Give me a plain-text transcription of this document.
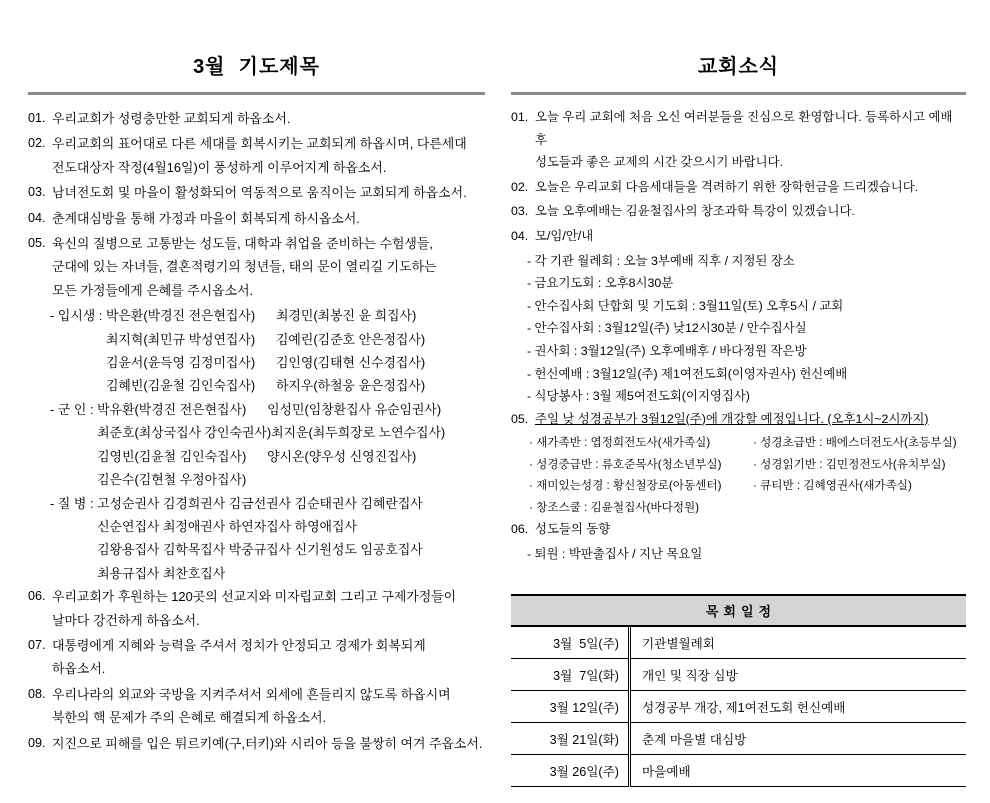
3월  기도제목
01. 우리교회가 성령충만한 교회되게 하옵소서.
02. 우리교회의 표어대로 다른 세대를 회복시키는 교회되게 하옵시며, 다른세대
전도대상자 작정(4월16일)이 풍성하게 이루어지게 하옵소서.
03. 남녀전도회 및 마을이 활성화되어 역동적으로 움직이는 교회되게 하옵소서.
04. 춘계대심방을 통해 가정과 마을이 회복되게 하시옵소서.
05. 육신의 질병으로 고통받는 성도들, 대학과 취업을 준비하는 수험생들,
군대에 있는 자녀들, 결혼적령기의 청년들, 태의 문이 열리길 기도하는
모든 가정들에게 은혜를 주시옵소서.
- 입시생 : 박은환(박경진 전은현집사)	최경민(최봉진 윤 희집사)
최지혁(최민규 박성연집사)	김예린(김준호 안은정집사)
김윤서(윤득영 김정미집사)	김인영(김태현 신수경집사)
김혜빈(김윤철 김인숙집사)	하지우(하철웅 윤은정집사)
- 군 인 : 박유환(박경진 전은현집사)	임성민(임창환집사 유순임권사)
최준호(최상국집사 강인숙권사) 최지운(최두희장로 노연수집사)
김영빈(김윤철 김인숙집사)	양시온(양우성 신영진집사)
김은수(김현철 우정아집사)
- 질 병 : 고성순권사 김경희권사 김금선권사 김순태권사 김혜란집사
신순연집사 최정애권사 하연자집사 하영애집사
김왕용집사 김학목집사 박중규집사 신기원성도 임공호집사
최용규집사 최찬호집사
06. 우리교회가 후원하는 120곳의 선교지와 미자립교회 그리고 구제가정들이
날마다 강건하게 하옵소서.
07. 대통령에게 지혜와 능력을 주셔서 정치가 안정되고 경제가 회복되게
하옵소서.
08. 우리나라의 외교와 국방을 지켜주셔서 외세에 흔들리지 않도록 하옵시며
북한의 핵 문제가 주의 은혜로 해결되게 하옵소서.
09. 지진으로 피해를 입은 튀르키예(구,터키)와 시리아 등을 불쌍히 여겨 주옵소서.
교회소식
01. 오늘 우리 교회에 처음 오신 여러분들을 진심으로 환영합니다. 등록하시고 예배 후
성도들과 좋은 교제의 시간 갖으시기 바랍니다.
02. 오늘은 우리교회 다음세대들을 격려하기 위한 장학헌금을 드리겠습니다.
03. 오늘 오후예배는 김윤철집사의 창조과학 특강이 있겠습니다.
04. 모/임/안/내
- 각 기관 월례회 : 오늘 3부예배 직후 / 지정된 장소
- 금요기도회 : 오후8시30분
- 안수집사회 단합회 및 기도회 : 3월11일(토) 오후5시 / 교회
- 안수집사회 : 3월12일(주) 낮12시30분 / 안수집사실
- 권사회 : 3월12일(주) 오후예배후 / 바다정원 작은방
- 헌신예배 : 3월12일(주) 제1여전도회(이영자권사) 헌신예배
- 식당봉사 : 3월 제5여전도회(이지영집사)
05. 주일 낮 성경공부가 3월12일(주)에 개강할 예정입니다. (오후1시~2시까지)
· 새가족반 : 엽정희전도사(새가족실)	· 성경초급반 : 배에스더전도사(초등부실)
· 성경중급반 : 류호준목사(청소년부실)	· 성경읽기반 : 김민정전도사(유치부실)
· 재미있는성경 : 황신철장로(아동센터)	· 큐티반 : 김혜영권사(새가족실)
· 창조스쿨 : 김윤철집사(바다정원)
06. 성도들의 동향
- 퇴원 : 박판출집사 / 지난 목요일
목회일정
3월  5일(주)	기관별월례회
3월  7일(화)	개인 및 직장 심방
3월 12일(주)	성경공부 개강, 제1여전도회 헌신예배
3월 21일(화)	춘계 마을별 대심방
3월 26일(주)	마을예배
